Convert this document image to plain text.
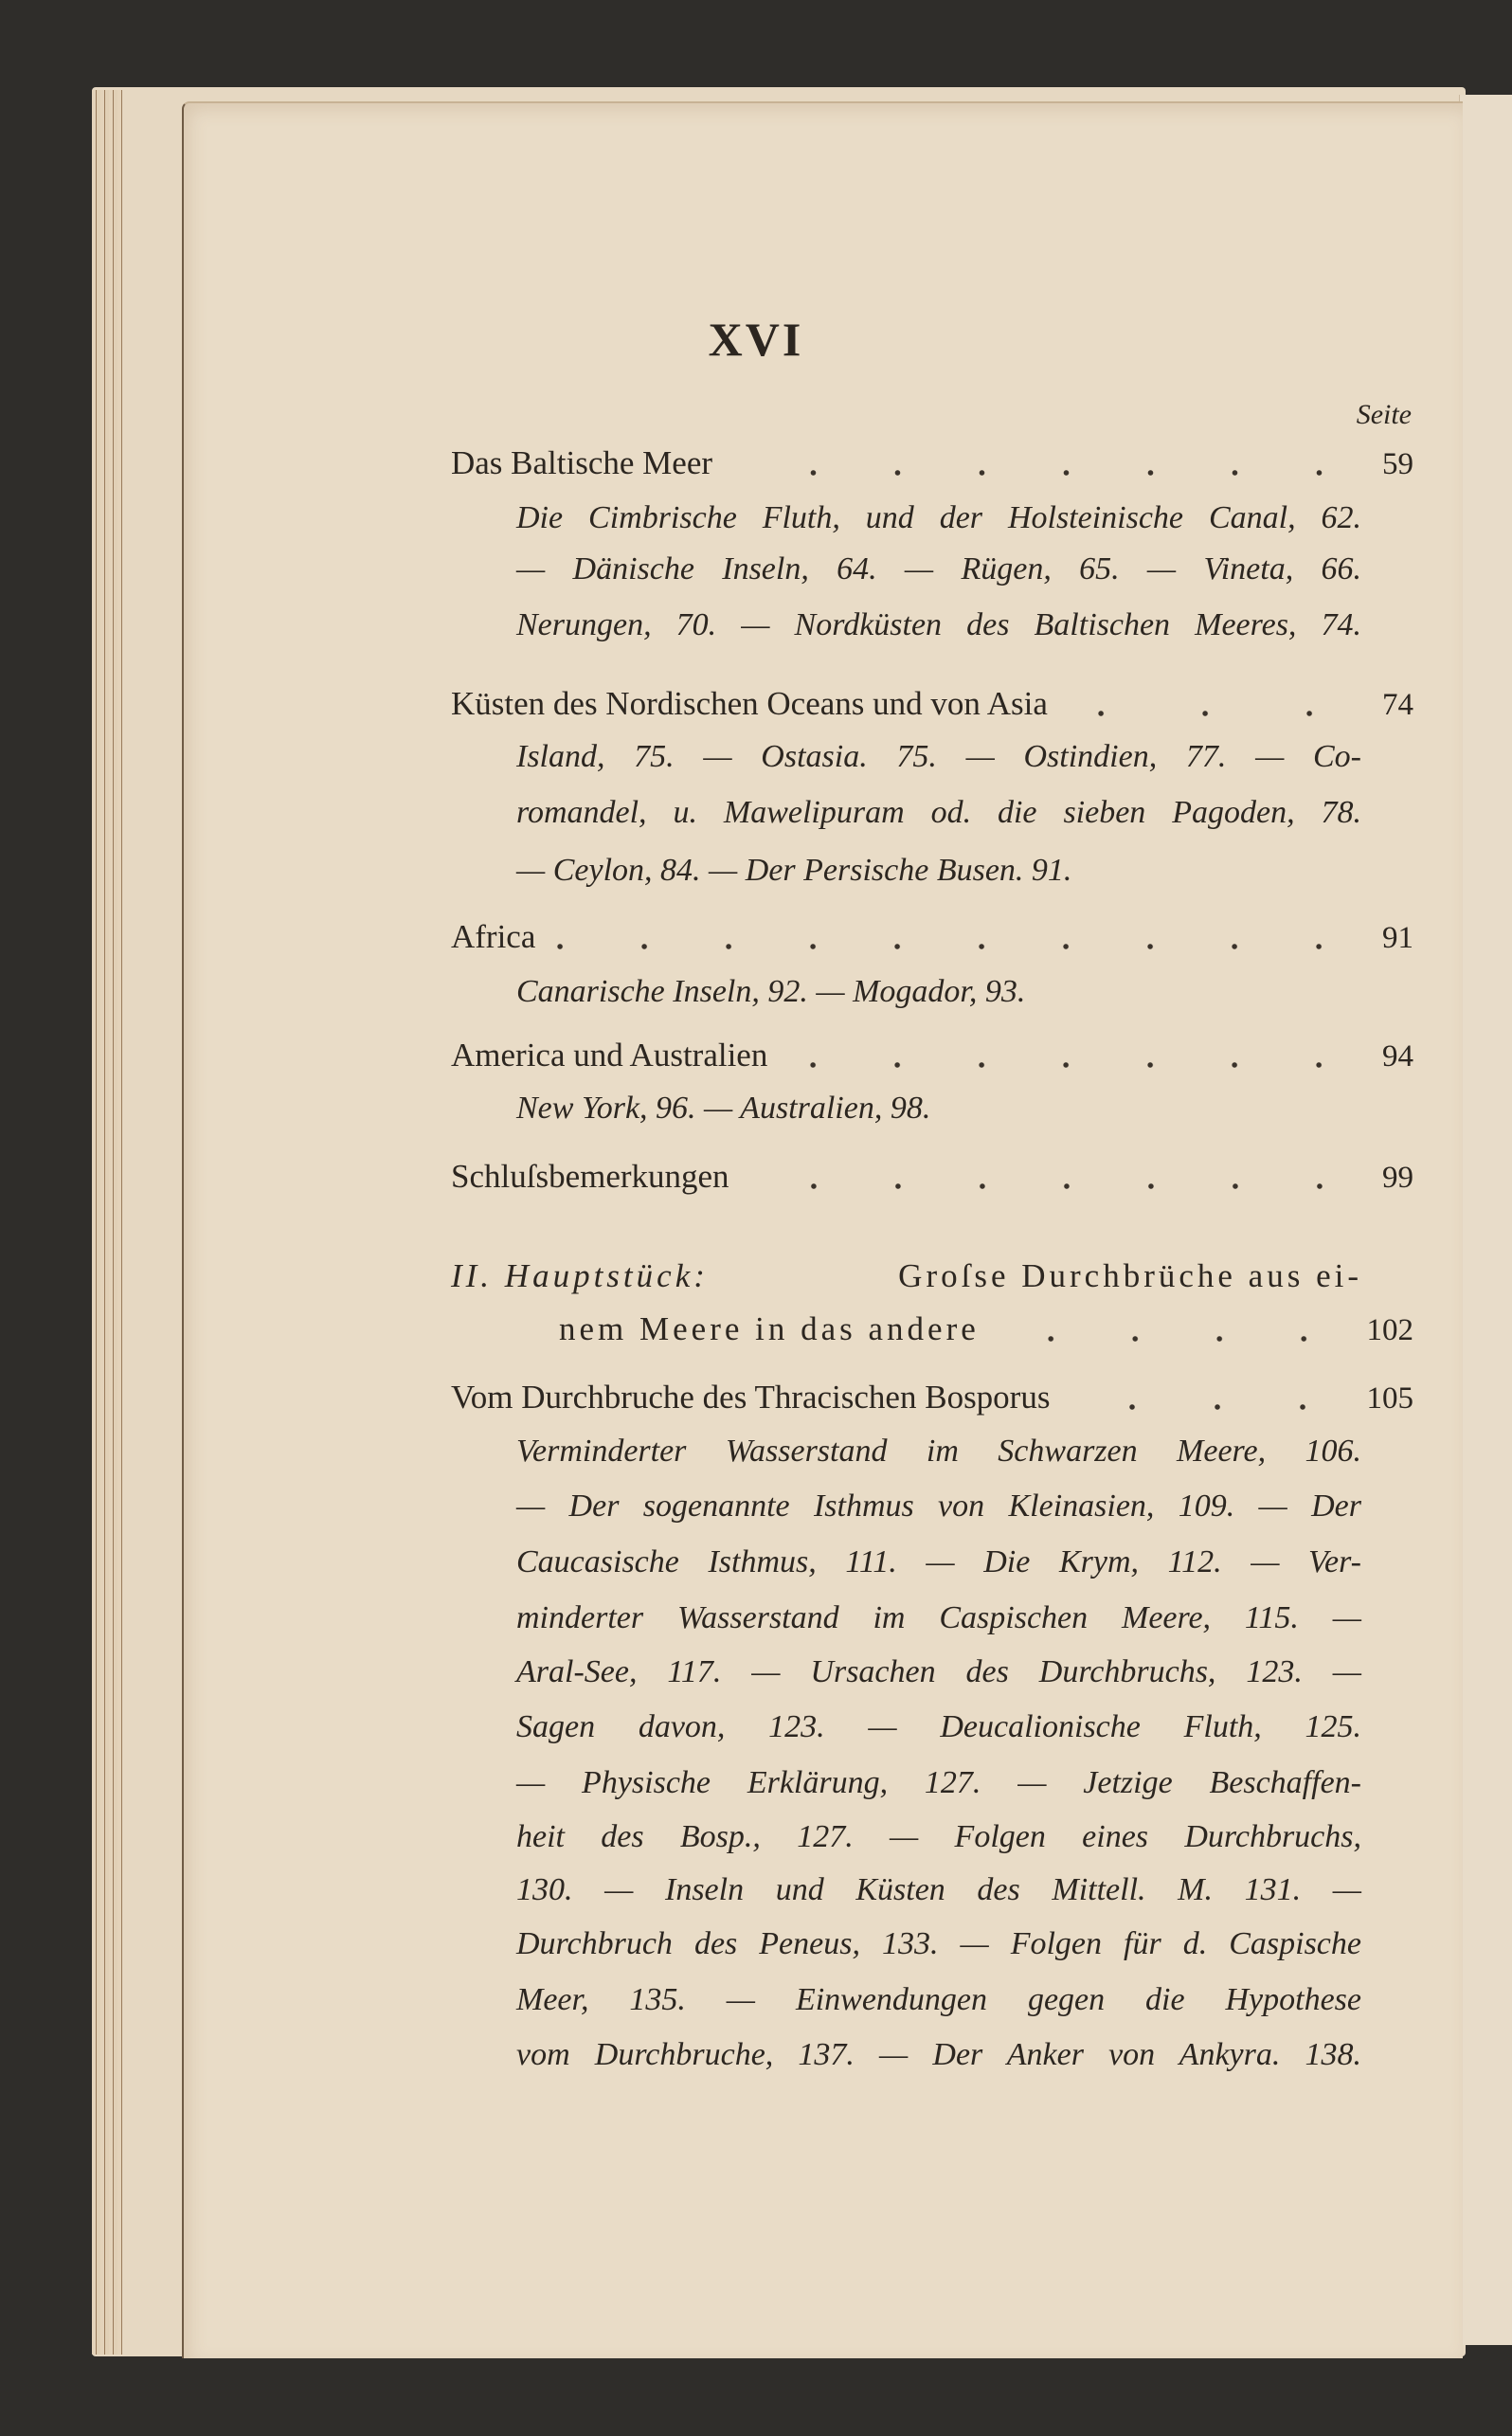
XVI
Seite
Das Baltische Meer	59
Die Cimbrische Fluth, und der Holsteinische Canal, 62.
— Dänische Inseln, 64. — Rügen, 65. — Vineta, 66.
Nerungen, 70. — Nordküsten des Baltischen Meeres, 74.
Küsten des Nordischen Oceans und von Asia	74
Island, 75. — Ostasia. 75. — Ostindien, 77. — Co-
romandel, u. Mawelipuram od. die sieben Pagoden, 78.
— Ceylon, 84. — Der Persische Busen. 91.
Africa	91
Canarische Inseln, 92. — Mogador, 93.
America und Australien	94
New York, 96. — Australien, 98.
Schluſsbemerkungen	99
II. Hauptstück:	Groſse Durchbrüche aus ei-
nem Meere in das andere	102
Vom Durchbruche des Thracischen Bosporus	105
Verminderter Wasserstand im Schwarzen Meere, 106.
— Der sogenannte Isthmus von Kleinasien, 109. — Der
Caucasische Isthmus, 111. — Die Krym, 112. — Ver-
minderter Wasserstand im Caspischen Meere, 115. —
Aral-See, 117. — Ursachen des Durchbruchs, 123. —
Sagen davon, 123. — Deucalionische Fluth, 125.
— Physische Erklärung, 127. — Jetzige Beschaffen-
heit des Bosp., 127. — Folgen eines Durchbruchs,
130. — Inseln und Küsten des Mittell. M. 131. —
Durchbruch des Peneus, 133. — Folgen für d. Caspische
Meer, 135. — Einwendungen gegen die Hypothese
vom Durchbruche, 137. — Der Anker von Ankyra. 138.
